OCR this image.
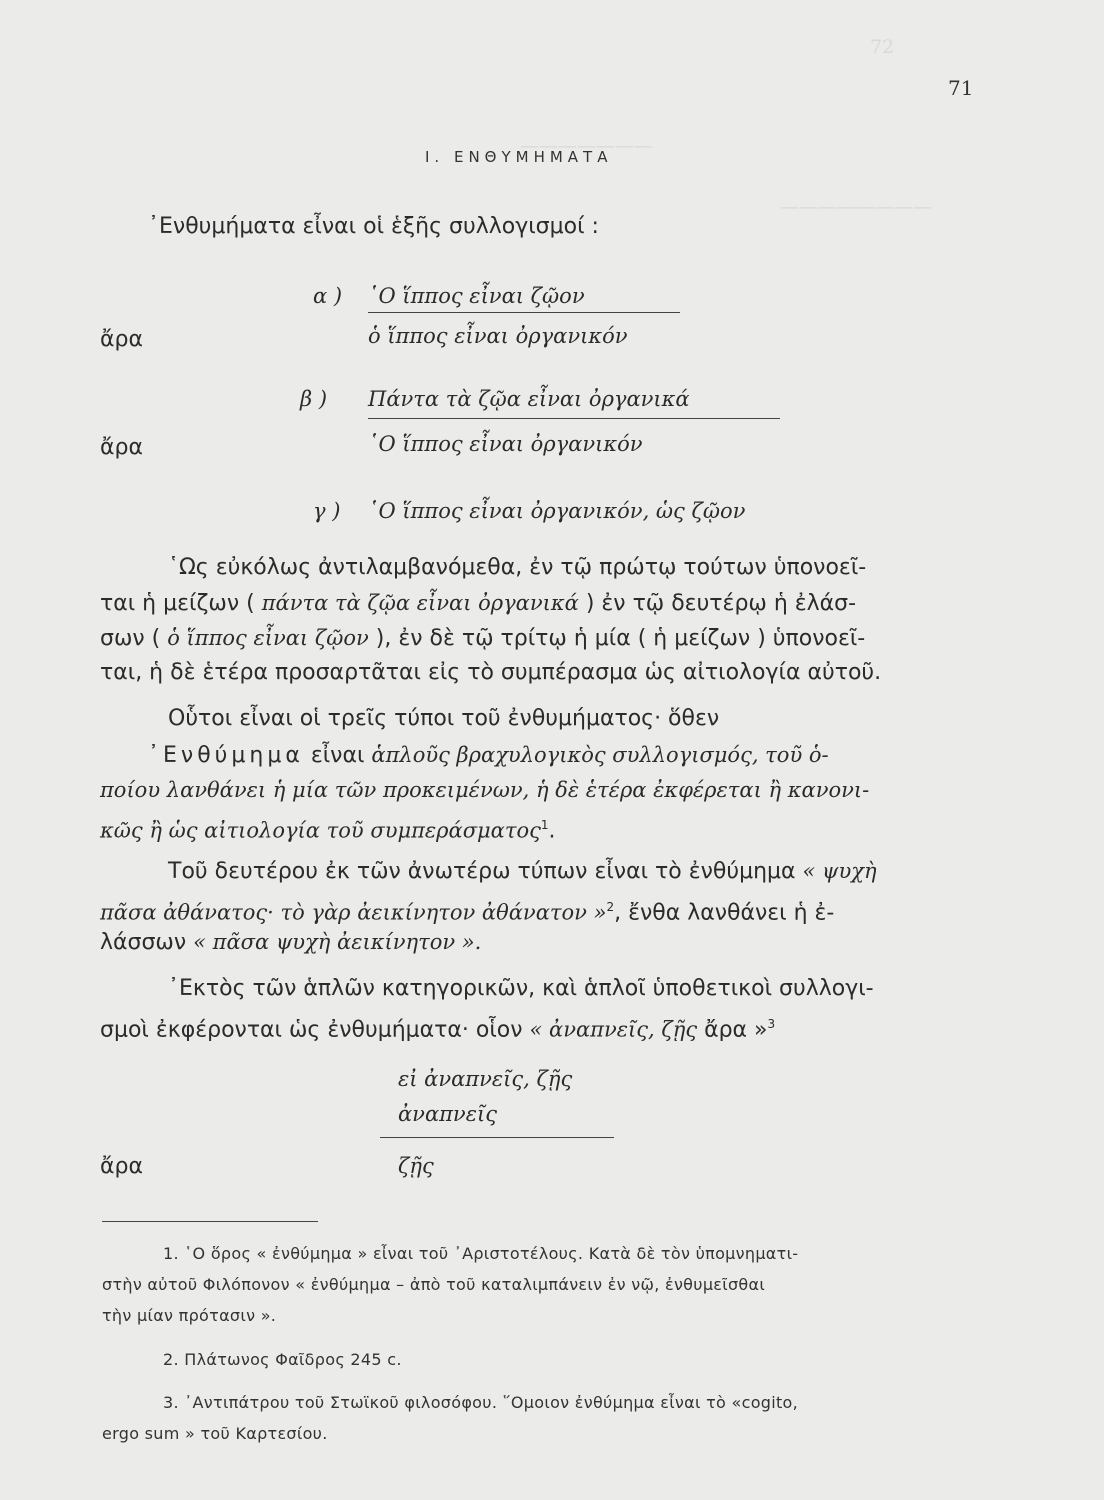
72
———————
————————
71
Ι. ΕΝΘΥΜΗΜΑΤΑ
᾿Ενθυμήματα εἶναι οἱ ἑξῆς συλλογισμοί :
α ) ῾Ο ἵππος εἶναι ζῷον
ἄρα	ὁ ἵππος εἶναι ὀργανικόν
β ) Πάντα τὰ ζῷα εἶναι ὀργανικά
ἄρα	῾Ο ἵππος εἶναι ὀργανικόν
γ ) ῾Ο ἵππος εἶναι ὀργανικόν, ὡς ζῷον
῾Ως εὐκόλως ἀντιλαμβανόμεθα, ἐν τῷ πρώτῳ τούτων ὑπονοεῖ-
ται ἡ μείζων ( πάντα τὰ ζῷα εἶναι ὀργανικά ) ἐν τῷ δευτέρῳ ἡ ἐλάσ-
σων ( ὁ ἵππος εἶναι ζῷον ), ἐν δὲ τῷ τρίτῳ ἡ μία ( ἡ μείζων ) ὑπονοεῖ-
ται, ἡ δὲ ἑτέρα προσαρτᾶται εἰς τὸ συμπέρασμα ὡς αἰτιολογία αὐτοῦ.
Οὗτοι εἶναι οἱ τρεῖς τύποι τοῦ ἐνθυμήματος· ὅθεν
᾿Ενθύμημα εἶναι ἁπλοῦς βραχυλογικὸς συλλογισμός, τοῦ ὁ-
ποίου λανθάνει ἡ μία τῶν προκειμένων, ἡ δὲ ἑτέρα ἐκφέρεται ἢ κανονι-
κῶς ἢ ὡς αἰτιολογία τοῦ συμπεράσματος$^1$.
Τοῦ δευτέρου ἐκ τῶν ἀνωτέρω τύπων εἶναι τὸ ἐνθύμημα « ψυχὴ
πᾶσα ἀθάνατος· τὸ γὰρ ἀεικίνητον ἀθάνατον »$^2$, ἔνθα λανθάνει ἡ ἐ-
λάσσων « πᾶσα ψυχὴ ἀεικίνητον ».
᾿Εκτὸς τῶν ἁπλῶν κατηγορικῶν, καὶ ἁπλοῖ ὑποθετικοὶ συλλογι-
σμοὶ ἐκφέρονται ὡς ἐνθυμήματα· οἷον « ἀναπνεῖς, ζῇς ἄρα »$^3$
εἰ ἀναπνεῖς, ζῇς
ἀναπνεῖς
ἄρα	ζῇς
1. ῾Ο ὅρος « ἐνθύμημα » εἶναι τοῦ ᾿Αριστοτέλους. Κατὰ δὲ τὸν ὑπομνηματι-
στὴν αὐτοῦ Φιλόπονον « ἐνθύμημα – ἀπὸ τοῦ καταλιμπάνειν ἐν νῷ, ἐνθυμεῖσθαι
τὴν μίαν πρότασιν ».
2. Πλάτωνος Φαῖδρος 245 c.
3. ᾿Αντιπάτρου τοῦ Στωϊκοῦ φιλοσόφου. ῞Ομοιον ἐνθύμημα εἶναι τὸ «cogito,
ergo sum » τοῦ Καρτεσίου.
